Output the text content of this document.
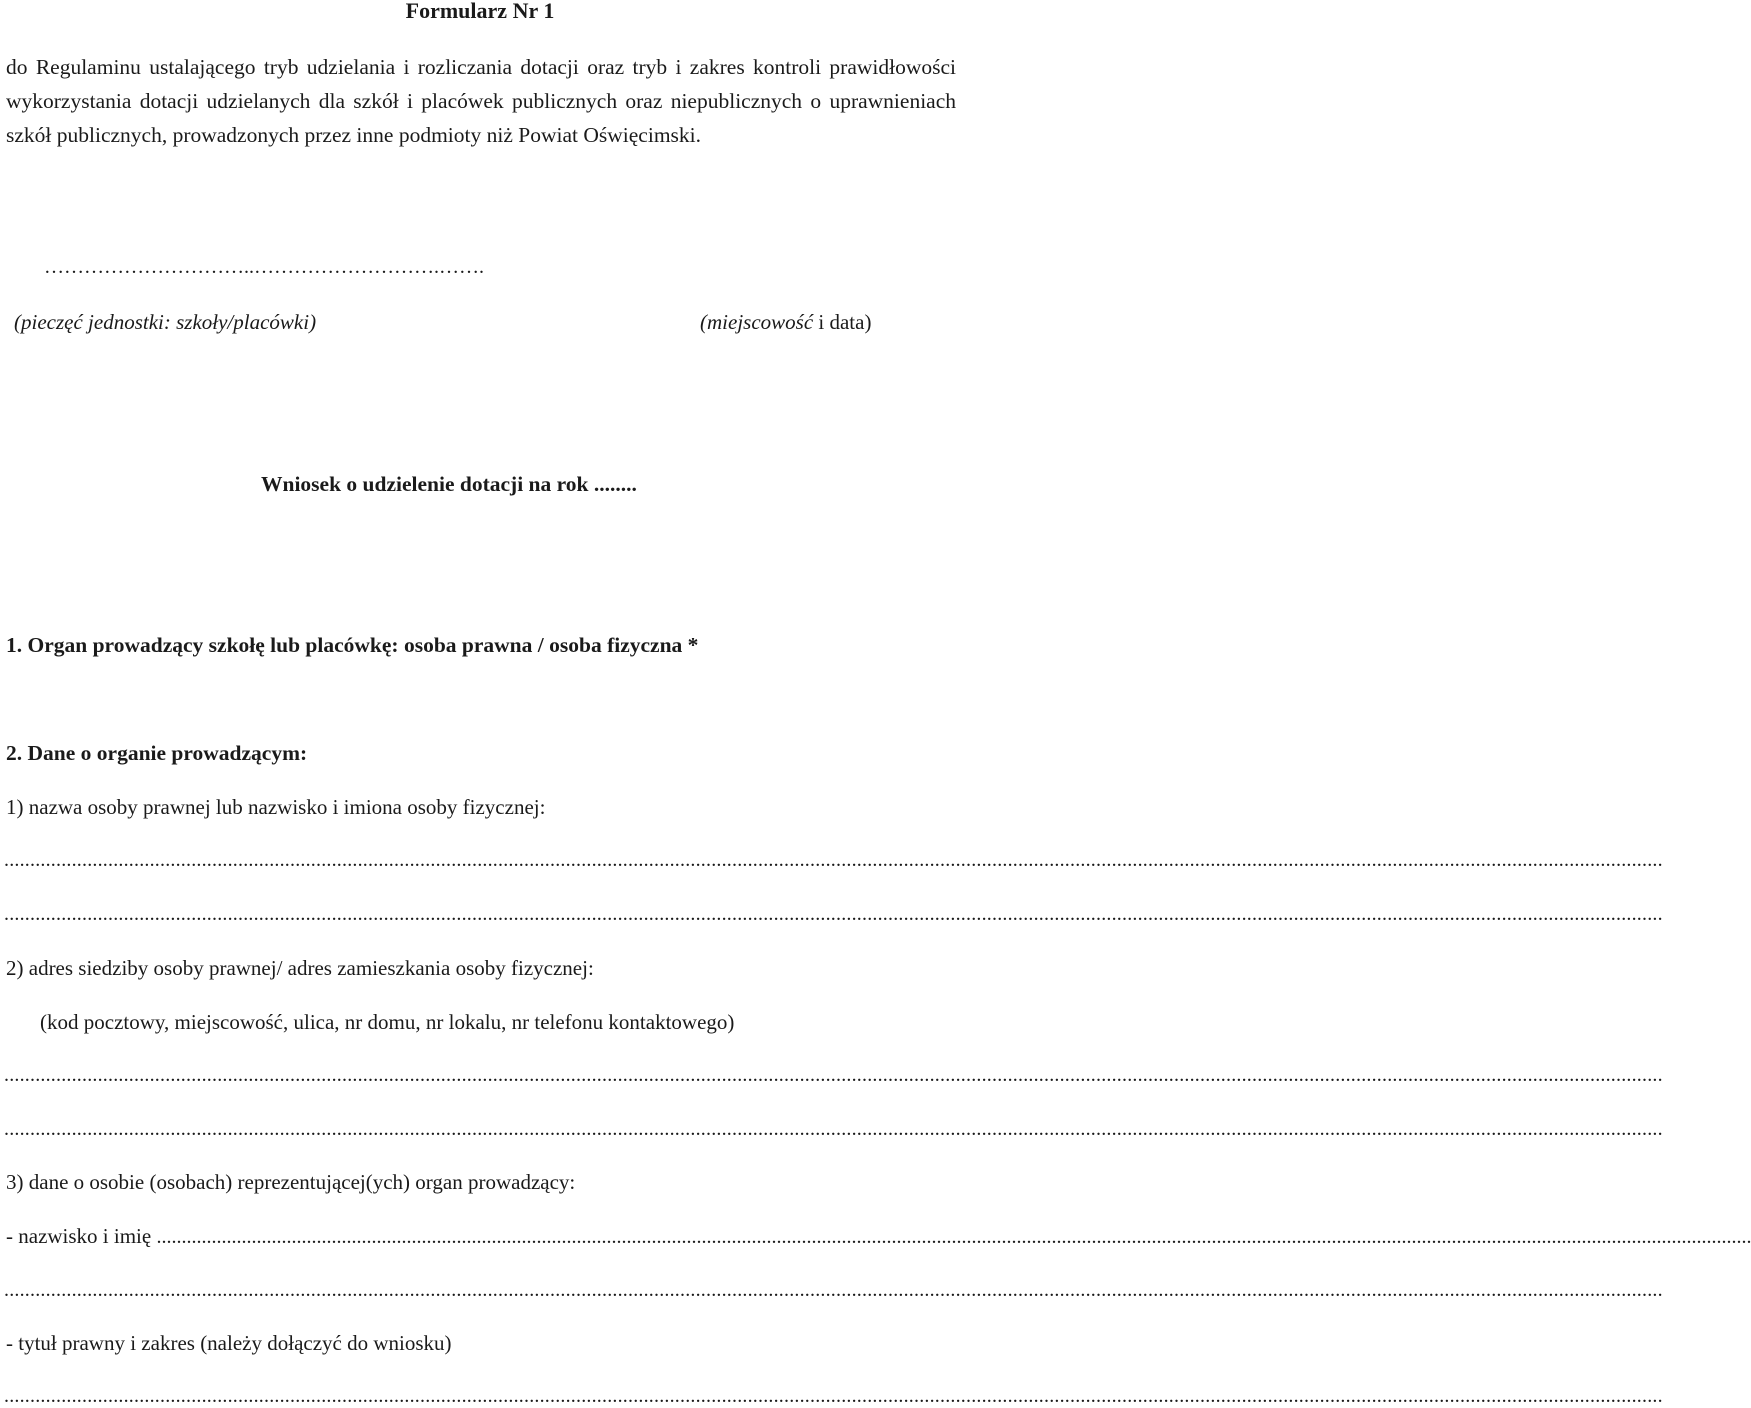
Formularz Nr 1
do Regulaminu ustalającego tryb udzielania i rozliczania dotacji oraz tryb i zakres kontroli prawidłowości wykorzystania dotacji udzielanych dla szkół i placówek publicznych oraz niepublicznych o uprawnieniach szkół publicznych, prowadzonych przez inne podmioty niż Powiat Oświęcimski.
…………………………..……………………….…….
(pieczęć jednostki: szkoły/placówki)	(miejscowość i data)
Wniosek o udzielenie dotacji na rok ........
1. Organ prowadzący szkołę lub placówkę: osoba prawna / osoba fizyczna *
2. Dane o organie prowadzącym:
1) nazwa osoby prawnej lub nazwisko i imiona osoby fizycznej:
...............................................................................................................................................................................................................................................................................................................................
...............................................................................................................................................................................................................................................................................................................................
2) adres siedziby osoby prawnej/ adres zamieszkania osoby fizycznej:
(kod pocztowy, miejscowość, ulica, nr domu, nr lokalu, nr telefonu kontaktowego)
...............................................................................................................................................................................................................................................................................................................................
...............................................................................................................................................................................................................................................................................................................................
3) dane o osobie (osobach) reprezentującej(ych) organ prowadzący:
- nazwisko i imię ...............................................................................................................................................................................................................................................................................................................................
...............................................................................................................................................................................................................................................................................................................................
- tytuł prawny i zakres (należy dołączyć do wniosku)
...............................................................................................................................................................................................................................................................................................................................
